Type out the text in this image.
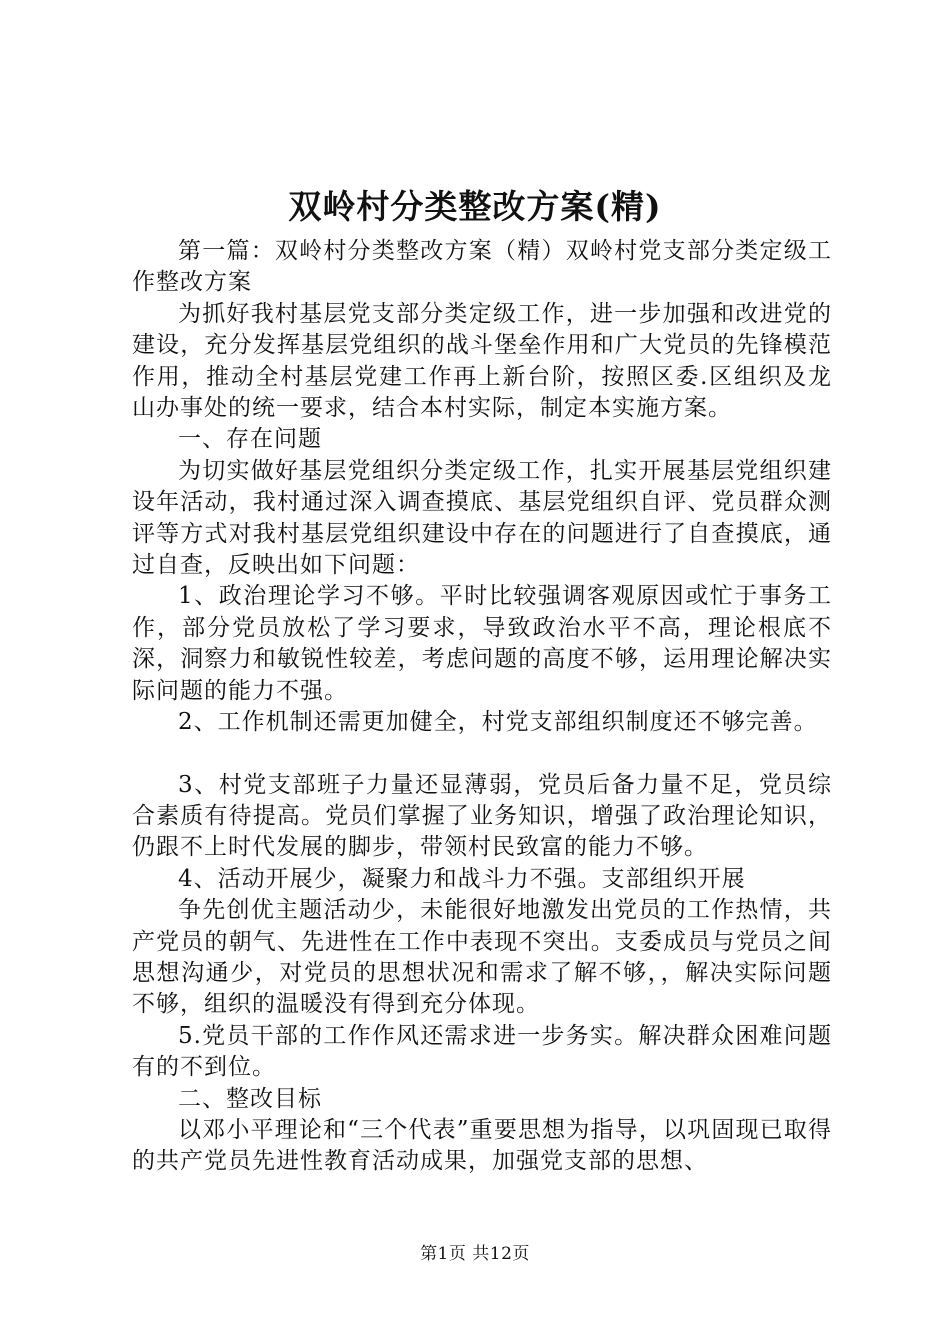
双岭村分类整改方案(精)

第一篇：双岭村分类整改方案（精）双岭村党支部分类定级工作整改方案

为抓好我村基层党支部分类定级工作，进一步加强和改进党的建设，充分发挥基层党组织的战斗堡垒作用和广大党员的先锋模范作用，推动全村基层党建工作再上新台阶，按照区委.区组织及龙山办事处的统一要求，结合本村实际，制定本实施方案。

一、存在问题

为切实做好基层党组织分类定级工作，扎实开展基层党组织建设年活动，我村通过深入调查摸底、基层党组织自评、党员群众测评等方式对我村基层党组织建设中存在的问题进行了自查摸底，通过自查，反映出如下问题：

1、政治理论学习不够。平时比较强调客观原因或忙于事务工作，部分党员放松了学习要求，导致政治水平不高，理论根底不深，洞察力和敏锐性较差，考虑问题的高度不够，运用理论解决实际问题的能力不强。

2、工作机制还需更加健全，村党支部组织制度还不够完善。

3、村党支部班子力量还显薄弱，党员后备力量不足，党员综合素质有待提高。党员们掌握了业务知识，增强了政治理论知识，仍跟不上时代发展的脚步，带领村民致富的能力不够。

4、活动开展少，凝聚力和战斗力不强。支部组织开展

争先创优主题活动少，未能很好地激发出党员的工作热情，共产党员的朝气、先进性在工作中表现不突出。支委成员与党员之间思想沟通少，对党员的思想状况和需求了解不够，，解决实际问题不够，组织的温暖没有得到充分体现。

5.党员干部的工作作风还需求进一步务实。解决群众困难问题有的不到位。

二、整改目标

以邓小平理论和“三个代表”重要思想为指导，以巩固现已取得的共产党员先进性教育活动成果，加强党支部的思想、

第1页 共12页
